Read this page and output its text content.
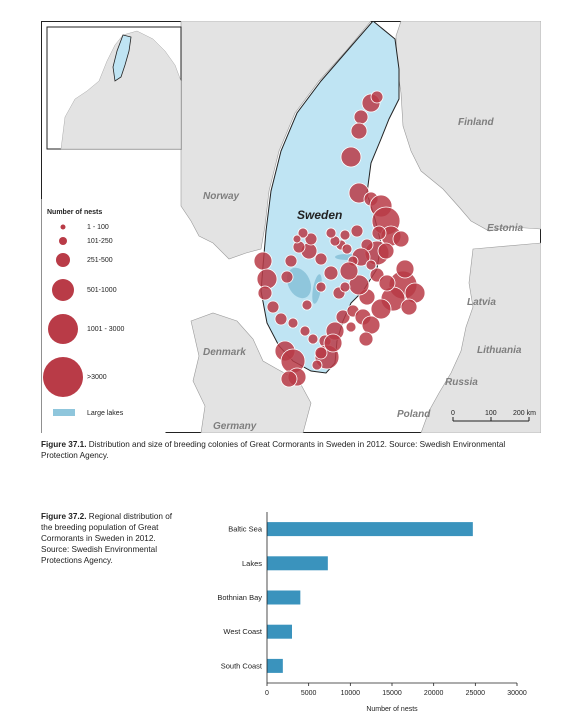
Sweden
Norway
Finland
Estonia
Latvia
Lithuania
Russia
Poland
Denmark
Germany
Number of nests
1 - 100
101-250
251-500
501-1000
1001 - 3000
>3000
Large lakes	0	100 200 km
Figure 37.1. Distribution and size of breeding colonies of Great Cormorants in Sweden in 2012. Source: Swedish Environmental Protection Agency.
Figure 37.2. Regional distribution of the breeding population of Great Cormorants in Sweden in 2012. Source: Swedish Environmental Protections Agency.
Baltic Sea
Lakes
Bothnian Bay
West Coast
South Coast
0	5000	10000	15000	20000	25000	30000
Number of nests
